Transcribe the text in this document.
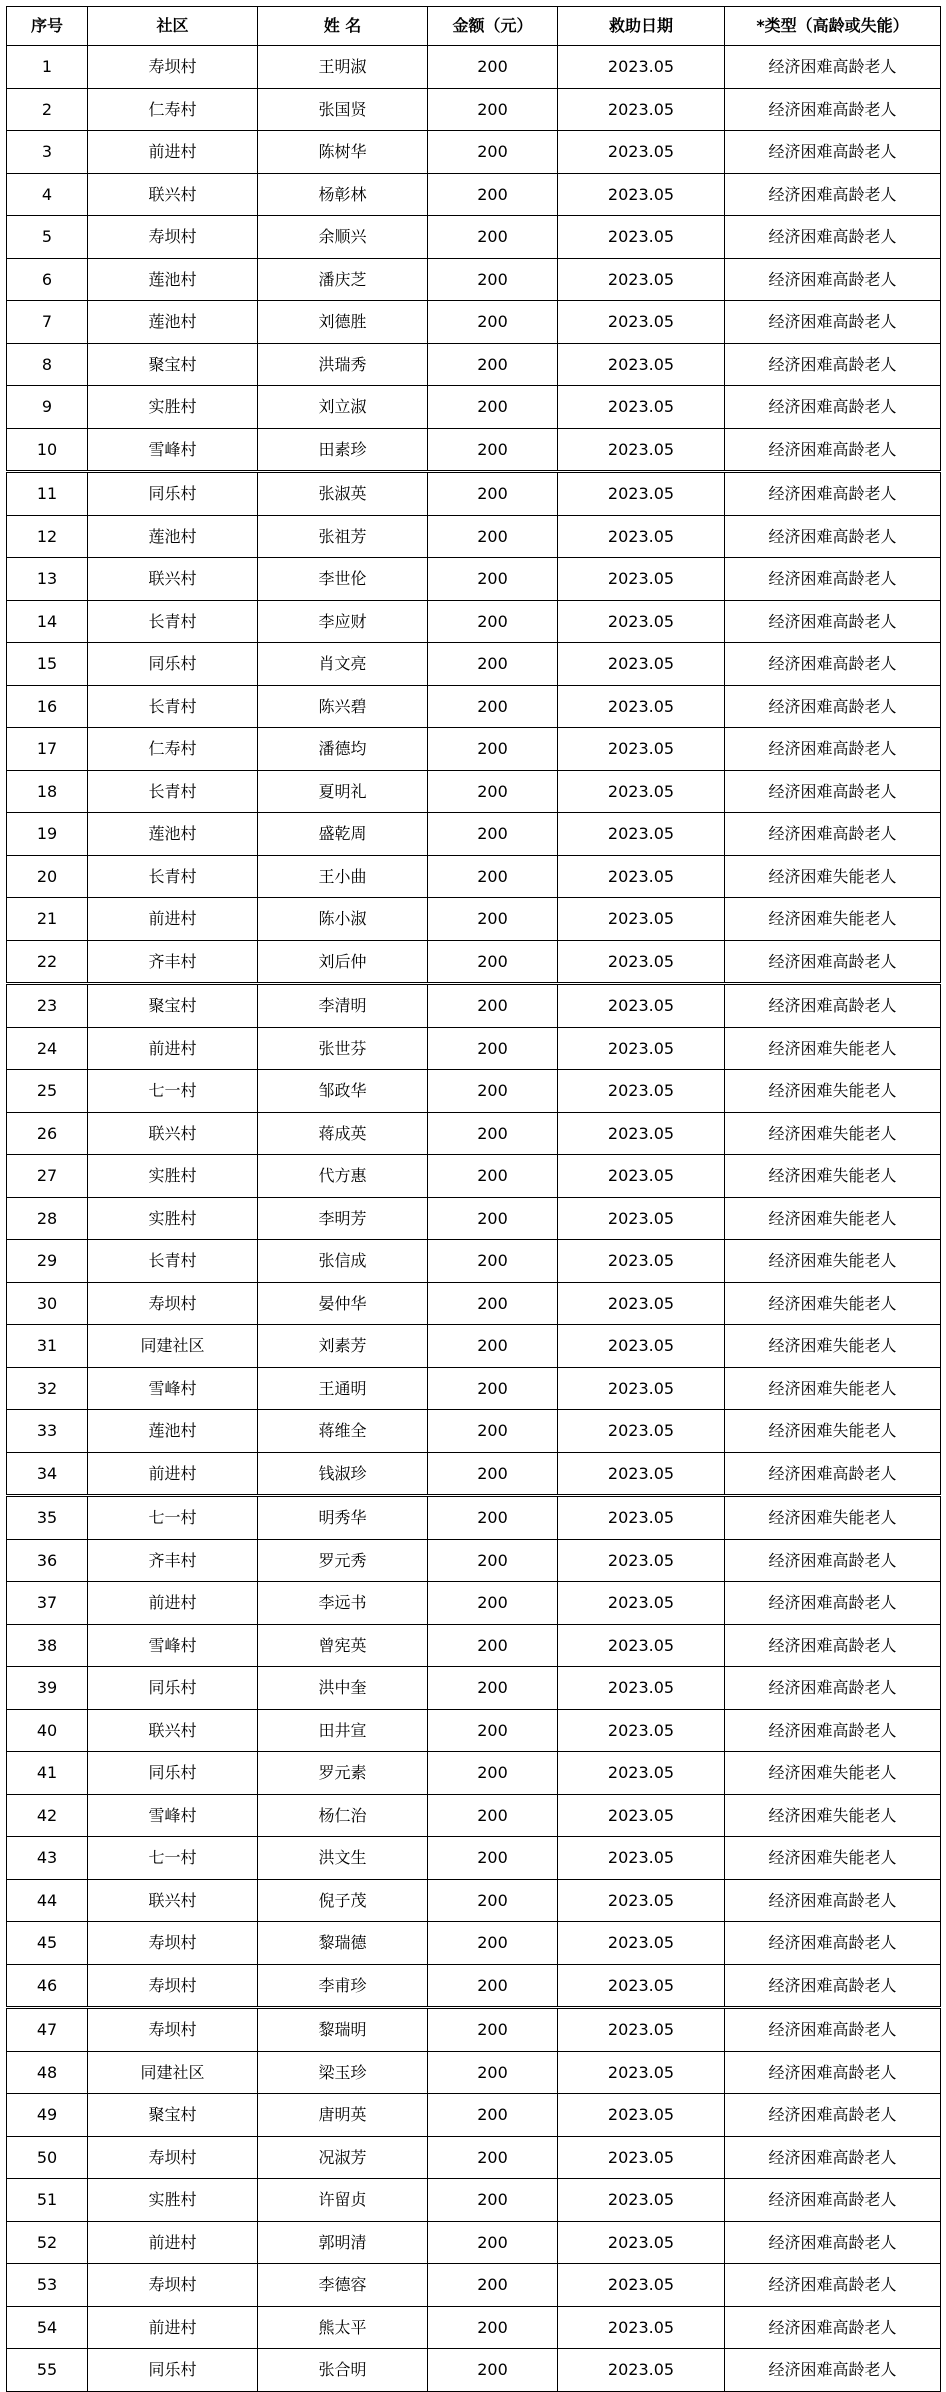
序号	社区	姓 名	金额（元）	救助日期	*类型（高龄或失能）
1	寿坝村	王明淑	200	2023.05	经济困难高龄老人
2	仁寿村	张国贤	200	2023.05	经济困难高龄老人
3	前进村	陈树华	200	2023.05	经济困难高龄老人
4	联兴村	杨彰林	200	2023.05	经济困难高龄老人
5	寿坝村	余顺兴	200	2023.05	经济困难高龄老人
6	莲池村	潘庆芝	200	2023.05	经济困难高龄老人
7	莲池村	刘德胜	200	2023.05	经济困难高龄老人
8	聚宝村	洪瑞秀	200	2023.05	经济困难高龄老人
9	实胜村	刘立淑	200	2023.05	经济困难高龄老人
10	雪峰村	田素珍	200	2023.05	经济困难高龄老人
11	同乐村	张淑英	200	2023.05	经济困难高龄老人
12	莲池村	张祖芳	200	2023.05	经济困难高龄老人
13	联兴村	李世伦	200	2023.05	经济困难高龄老人
14	长青村	李应财	200	2023.05	经济困难高龄老人
15	同乐村	肖文亮	200	2023.05	经济困难高龄老人
16	长青村	陈兴碧	200	2023.05	经济困难高龄老人
17	仁寿村	潘德均	200	2023.05	经济困难高龄老人
18	长青村	夏明礼	200	2023.05	经济困难高龄老人
19	莲池村	盛乾周	200	2023.05	经济困难高龄老人
20	长青村	王小曲	200	2023.05	经济困难失能老人
21	前进村	陈小淑	200	2023.05	经济困难失能老人
22	齐丰村	刘后仲	200	2023.05	经济困难高龄老人
23	聚宝村	李清明	200	2023.05	经济困难高龄老人
24	前进村	张世芬	200	2023.05	经济困难失能老人
25	七一村	邹政华	200	2023.05	经济困难失能老人
26	联兴村	蒋成英	200	2023.05	经济困难失能老人
27	实胜村	代方惠	200	2023.05	经济困难失能老人
28	实胜村	李明芳	200	2023.05	经济困难失能老人
29	长青村	张信成	200	2023.05	经济困难失能老人
30	寿坝村	晏仲华	200	2023.05	经济困难失能老人
31	同建社区	刘素芳	200	2023.05	经济困难失能老人
32	雪峰村	王通明	200	2023.05	经济困难失能老人
33	莲池村	蒋维全	200	2023.05	经济困难失能老人
34	前进村	钱淑珍	200	2023.05	经济困难高龄老人
35	七一村	明秀华	200	2023.05	经济困难失能老人
36	齐丰村	罗元秀	200	2023.05	经济困难高龄老人
37	前进村	李远书	200	2023.05	经济困难高龄老人
38	雪峰村	曾宪英	200	2023.05	经济困难高龄老人
39	同乐村	洪中奎	200	2023.05	经济困难高龄老人
40	联兴村	田井宣	200	2023.05	经济困难高龄老人
41	同乐村	罗元素	200	2023.05	经济困难失能老人
42	雪峰村	杨仁治	200	2023.05	经济困难失能老人
43	七一村	洪文生	200	2023.05	经济困难失能老人
44	联兴村	倪子茂	200	2023.05	经济困难高龄老人
45	寿坝村	黎瑞德	200	2023.05	经济困难高龄老人
46	寿坝村	李甫珍	200	2023.05	经济困难高龄老人
47	寿坝村	黎瑞明	200	2023.05	经济困难高龄老人
48	同建社区	梁玉珍	200	2023.05	经济困难高龄老人
49	聚宝村	唐明英	200	2023.05	经济困难高龄老人
50	寿坝村	况淑芳	200	2023.05	经济困难高龄老人
51	实胜村	许留贞	200	2023.05	经济困难高龄老人
52	前进村	郭明清	200	2023.05	经济困难高龄老人
53	寿坝村	李德容	200	2023.05	经济困难高龄老人
54	前进村	熊太平	200	2023.05	经济困难高龄老人
55	同乐村	张合明	200	2023.05	经济困难高龄老人
